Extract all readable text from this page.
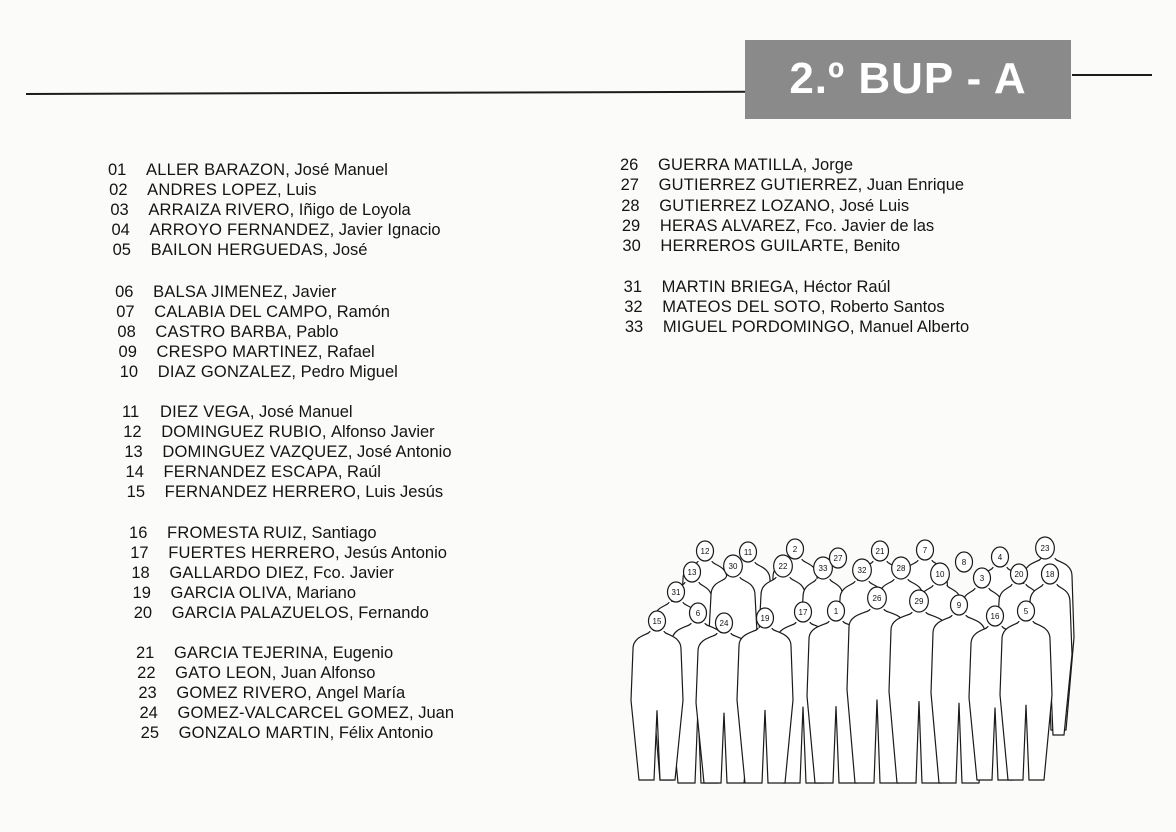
2.º BUP - A
01	ALLER BARAZON , José Manuel
02	ANDRES LOPEZ , Luis
03	ARRAIZA RIVERO , Iñigo de Loyola
04	ARROYO FERNANDEZ , Javier Ignacio
05	BAILON HERGUEDAS , José
06	BALSA JIMENEZ , Javier
07	CALABIA DEL CAMPO , Ramón
08	CASTRO BARBA , Pablo
09	CRESPO MARTINEZ , Rafael
10	DIAZ GONZALEZ , Pedro Miguel
11	DIEZ VEGA , José Manuel
12	DOMINGUEZ RUBIO , Alfonso Javier
13	DOMINGUEZ VAZQUEZ , José Antonio
14	FERNANDEZ ESCAPA , Raúl
15	FERNANDEZ HERRERO , Luis Jesús
16	FROMESTA RUIZ , Santiago
17	FUERTES HERRERO , Jesús Antonio
18	GALLARDO DIEZ , Fco. Javier
19	GARCIA OLIVA , Mariano
20	GARCIA PALAZUELOS , Fernando
21	GARCIA TEJERINA , Eugenio
22	GATO LEON , Juan Alfonso
23	GOMEZ RIVERO , Angel María
24	GOMEZ-VALCARCEL GOMEZ , Juan
25	GONZALO MARTIN , Félix Antonio
26	GUERRA MATILLA , Jorge
27	GUTIERREZ GUTIERREZ , Juan Enrique
28	GUTIERREZ LOZANO , José Luis
29	HERAS ALVAREZ , Fco. Javier de las
30	HERREROS GUILARTE , Benito
31	MARTIN BRIEGA , Héctor Raúl
32	MATEOS DEL SOTO , Roberto Santos
33	MIGUEL PORDOMINGO , Manuel Alberto
12	11	2	21	7
4
23
13
30	22	33
27
32	28
10
8
3	20	18
31
6	17	1
26	29	9
16
5
15	24
19
